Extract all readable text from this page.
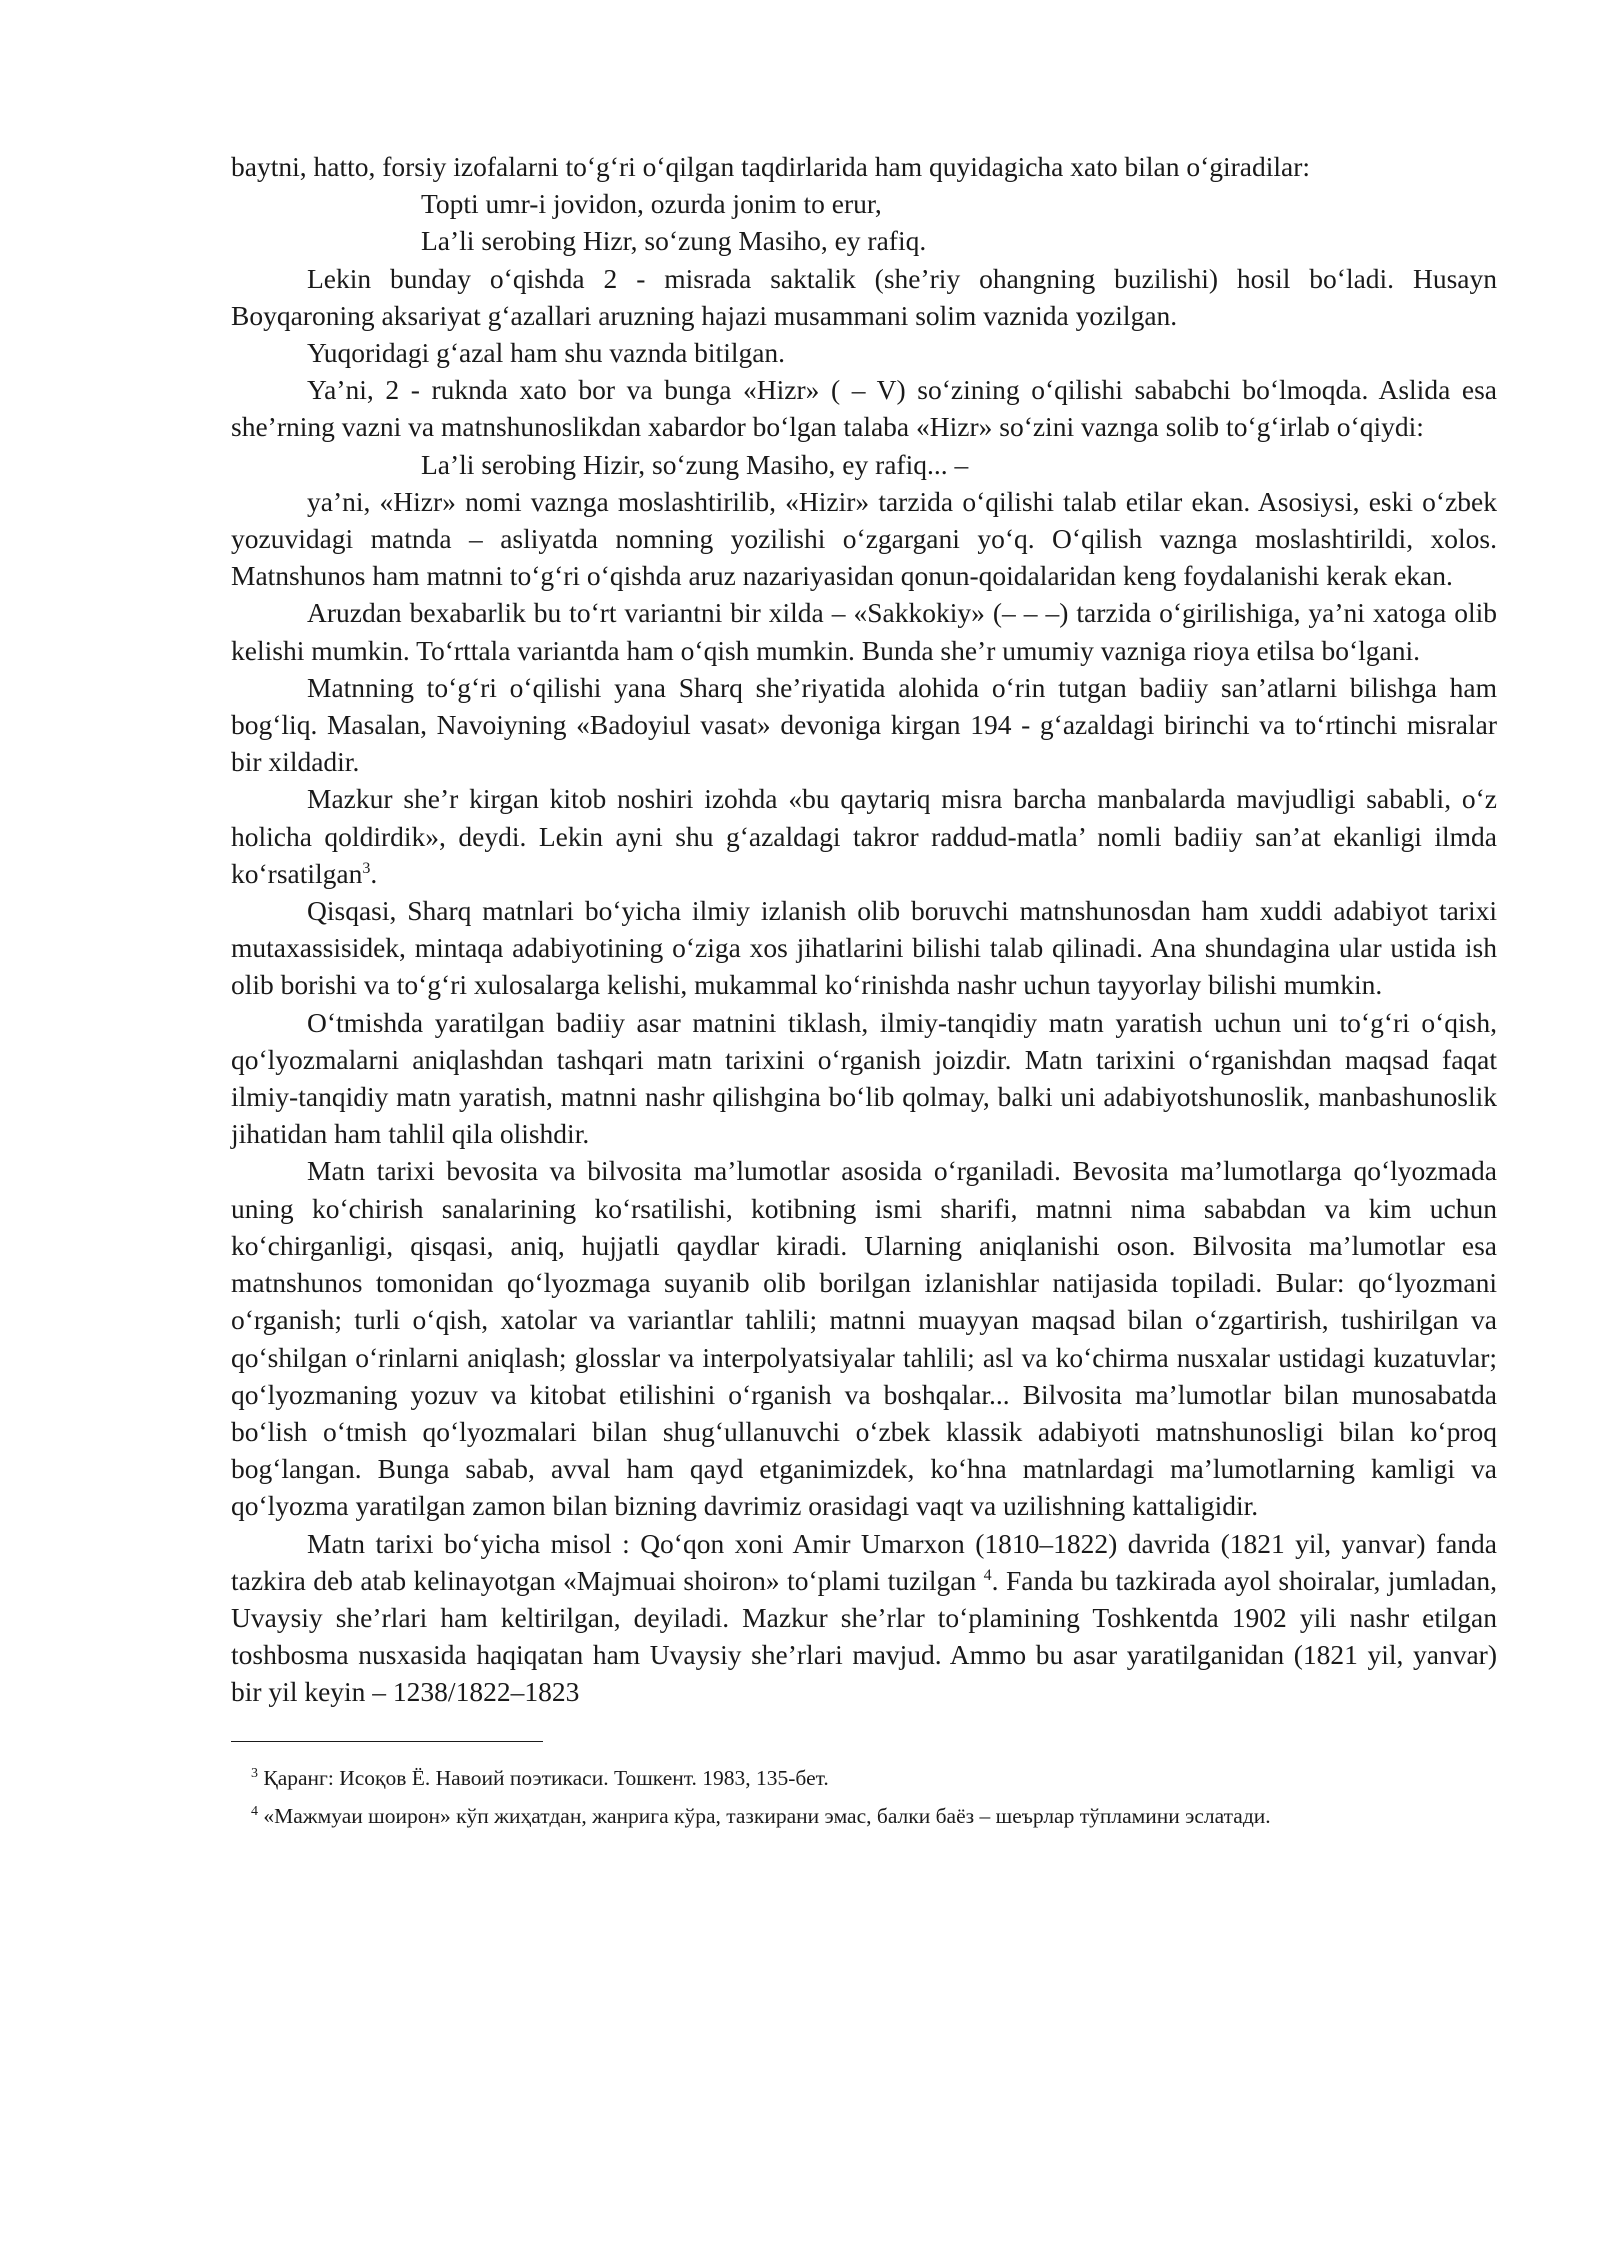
baytni, hatto, forsiy izofalarni to‘g‘ri o‘qilgan taqdirlarida ham quyidagicha xato bilan o‘giradilar:

Topti umr-i jovidon, ozurda jonim to erur,

La’li serobing Hizr, so‘zung Masiho, ey rafiq.

Lekin bunday o‘qishda 2 - misrada saktalik (she’riy ohangning buzilishi) hosil bo‘ladi. Husayn Boyqaroning aksariyat g‘azallari aruzning hajazi musammani solim vaznida yozilgan.

Yuqoridagi g‘azal ham shu vaznda bitilgan.

Ya’ni, 2 - ruknda xato bor va bunga «Hizr» ( – V) so‘zining o‘qilishi sababchi bo‘lmoqda. Aslida esa she’rning vazni va matnshunoslikdan xabardor bo‘lgan talaba «Hizr» so‘zini vaznga solib to‘g‘irlab o‘qiydi:

La’li serobing Hizir, so‘zung Masiho, ey rafiq... –

ya’ni, «Hizr» nomi vaznga moslashtirilib, «Hizir» tarzida o‘qilishi talab etilar ekan. Asosiysi, eski o‘zbek yozuvidagi matnda – asliyatda nomning yozilishi o‘zgargani yo‘q. O‘qilish vaznga moslashtirildi, xolos. Matnshunos ham matnni to‘g‘ri o‘qishda aruz nazariyasidan qonun-qoidalaridan keng foydalanishi kerak ekan.

Aruzdan bexabarlik bu to‘rt variantni bir xilda – «Sakkokiy» (– – –) tarzida o‘girilishiga, ya’ni xatoga olib kelishi mumkin. To‘rttala variantda ham o‘qish mumkin. Bunda she’r umumiy vazniga rioya etilsa bo‘lgani.

Matnning to‘g‘ri o‘qilishi yana Sharq she’riyatida alohida o‘rin tutgan badiiy san’atlarni bilishga ham bog‘liq. Masalan, Navoiyning «Badoyiul vasat» devoniga kirgan 194 - g‘azaldagi birinchi va to‘rtinchi misralar bir xildadir.

Mazkur she’r kirgan kitob noshiri izohda «bu qaytariq misra barcha manbalarda mavjudligi sababli, o‘z holicha qoldirdik», deydi. Lekin ayni shu g‘azaldagi takror raddud-matla’ nomli badiiy san’at ekanligi ilmda ko‘rsatilgan$^3$.

Qisqasi, Sharq matnlari bo‘yicha ilmiy izlanish olib boruvchi matnshunosdan ham xuddi adabiyot tarixi mutaxassisidek, mintaqa adabiyotining o‘ziga xos jihatlarini bilishi talab qilinadi. Ana shundagina ular ustida ish olib borishi va to‘g‘ri xulosalarga kelishi, mukammal ko‘rinishda nashr uchun tayyorlay bilishi mumkin.

O‘tmishda yaratilgan badiiy asar matnini tiklash, ilmiy-tanqidiy matn yaratish uchun uni to‘g‘ri o‘qish, qo‘lyozmalarni aniqlashdan tashqari matn tarixini o‘rganish joizdir. Matn tarixini o‘rganishdan maqsad faqat ilmiy-tanqidiy matn yaratish, matnni nashr qilishgina bo‘lib qolmay, balki uni adabiyotshunoslik, manbashunoslik jihatidan ham tahlil qila olishdir.

Matn tarixi bevosita va bilvosita ma’lumotlar asosida o‘rganiladi. Bevosita ma’lumotlarga qo‘lyozmada uning ko‘chirish sanalarining ko‘rsatilishi, kotibning ismi sharifi, matnni nima sababdan va kim uchun ko‘chirganligi, qisqasi, aniq, hujjatli qaydlar kiradi. Ularning aniqlanishi oson. Bilvosita ma’lumotlar esa matnshunos tomonidan qo‘lyozmaga suyanib olib borilgan izlanishlar natijasida topiladi. Bular: qo‘lyozmani o‘rganish; turli o‘qish, xatolar va variantlar tahlili; matnni muayyan maqsad bilan o‘zgartirish, tushirilgan va qo‘shilgan o‘rinlarni aniqlash; glosslar va interpolyatsiyalar tahlili; asl va ko‘chirma nusxalar ustidagi kuzatuvlar; qo‘lyozmaning yozuv va kitobat etilishini o‘rganish va boshqalar... Bilvosita ma’lumotlar bilan munosabatda bo‘lish o‘tmish qo‘lyozmalari bilan shug‘ullanuvchi o‘zbek klassik adabiyoti matnshunosligi bilan ko‘proq bog‘langan. Bunga sabab, avval ham qayd etganimizdek, ko‘hna matnlardagi ma’lumotlarning kamligi va qo‘lyozma yaratilgan zamon bilan bizning davrimiz orasidagi vaqt va uzilishning kattaligidir.

Matn tarixi bo‘yicha misol : Qo‘qon xoni Amir Umarxon (1810–1822) davrida (1821 yil, yanvar) fanda tazkira deb atab kelinayotgan «Majmuai shoiron» to‘plami tuzilgan $^4$. Fanda bu tazkirada ayol shoiralar, jumladan, Uvaysiy she’rlari ham keltirilgan, deyiladi. Mazkur she’rlar to‘plamining Toshkentda 1902 yili nashr etilgan toshbosma nusxasida haqiqatan ham Uvaysiy she’rlari mavjud. Ammo bu asar yaratilganidan (1821 yil, yanvar) bir yil keyin – 1238/1822–1823

$^3$ Қаранг: Исоқов Ё. Навоий поэтикаси. Тошкент. 1983, 135-бет.

$^4$ «Мажмуаи шоирон» кўп жиҳатдан, жанрига кўра, тазкирани эмас, балки баёз – шеърлар тўпламини эслатади.
